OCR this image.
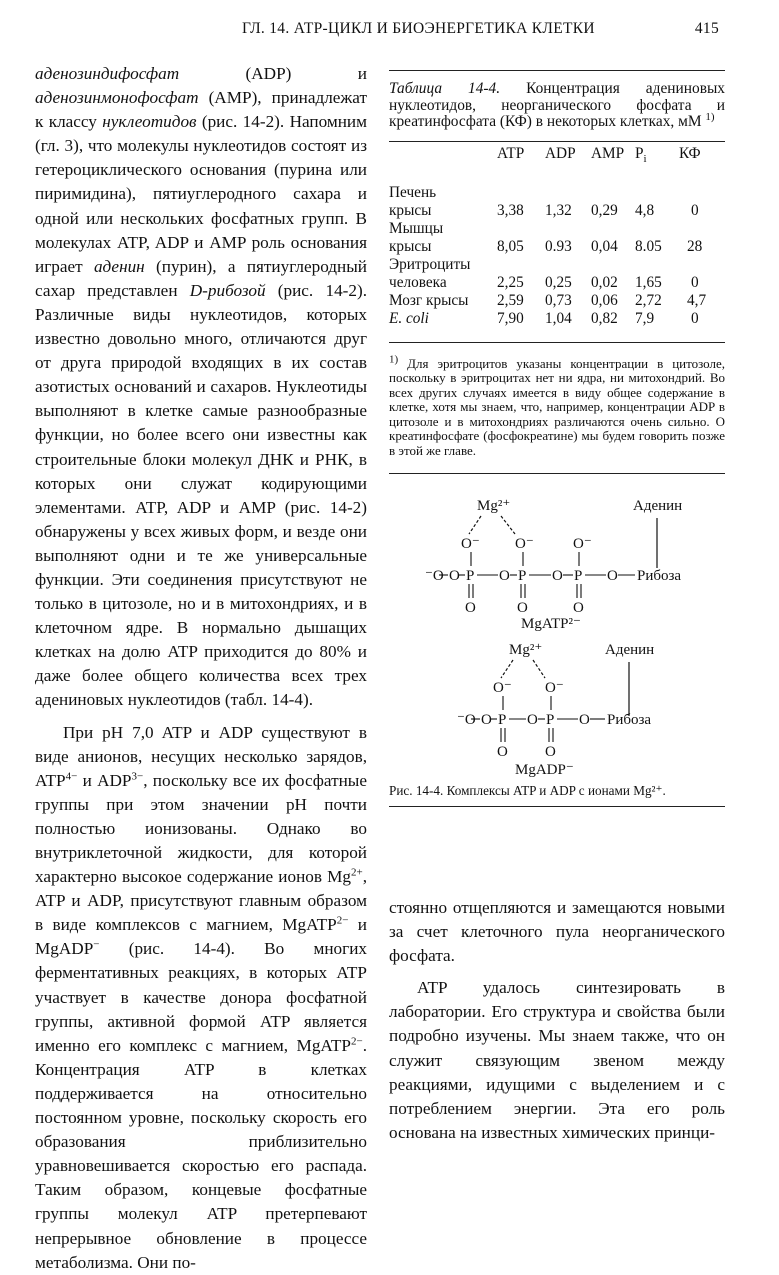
ГЛ. 14. АТР-ЦИКЛ И БИОЭНЕРГЕТИКА КЛЕТКИ	415

аденозиндифосфат (ADP) и аденозинмонофосфат (AMP), принадлежат к классу нуклеотидов (рис. 14-2). Напомним (гл. 3), что молекулы нуклеотидов состоят из гетероциклического основания (пурина или пиримидина), пятиуглеродного сахара и одной или нескольких фосфатных групп. В молекулах ATP, ADP и AMP роль основания играет аденин (пурин), а пятиуглеродный сахар представлен D-рибозой (рис. 14-2). Различные виды нуклеотидов, которых известно довольно много, отличаются друг от друга природой входящих в их состав азотистых оснований и сахаров. Нуклеотиды выполняют в клетке самые разнообразные функции, но более всего они известны как строительные блоки молекул ДНК и РНК, в которых они служат кодирующими элементами. ATP, ADP и AMP (рис. 14-2) обнаружены у всех живых форм, и везде они выполняют одни и те же универсальные функции. Эти соединения присутствуют не только в цитозоле, но и в митохондриях, и в клеточном ядре. В нормально дышащих клетках на долю ATP приходится до 80% и даже более общего количества всех трех адениновых нуклеотидов (табл. 14-4).

При pH 7,0 ATP и ADP существуют в виде анионов, несущих несколько зарядов, $ATP^{4-}$ и $ADP^{3-}$, поскольку все их фосфатные группы при этом значении pH почти полностью ионизованы. Однако во внутриклеточной жидкости, для которой характерно высокое содержание ионов $Mg^{2+}$, ATP и ADP, присутствуют главным образом в виде комплексов с магнием, MgATP$^{2-}$ и MgADP− (рис. 14-4). Во многих ферментативных реакциях, в которых ATP участвует в качестве донора фосфатной группы, активной формой ATP является именно его комплекс с магнием, MgATP$^{2-}$. Концентрация ATP в клетках поддерживается на относительно постоянном уровне, поскольку скорость его образования приблизительно уравновешивается скоростью его распада. Таким образом, концевые фосфатные группы молекул ATP претерпевают непрерывное обновление в процессе метаболизма. Они по-

Таблица 14-4. Концентрация адениновых нуклеотидов, неорганического фосфата и креатинфосфата (КФ) в некоторых клетках, мМ $^{1)}$
	ATP	ADP	AMP	$P_i$	КФ
Печень					
крысы	3,38	1,32	0,29	4,8	0
Мышцы					
крысы	8,05	0.93	0,04	8.05	28
Эритроциты					
человека	2,25	0,25	0,02	1,65	0
Мозг крысы	2,59	0,73	0,06	2,72	4,7
E. coli	7,90	1,04	0,82	7,9	0
$^{1)}$ Для эритроцитов указаны концентрации в цитозоле, поскольку в эритроцитах нет ни ядра, ни митохондрий. Во всех других случаях имеется в виду общее содержание в клетке, хотя мы знаем, что, например, концентрации ADP в цитозоле и в митохондриях различаются очень сильно. О креатинфосфате (фосфокреатине) мы будем говорить позже в этой же главе.
Mg²⁺	Аденин
O⁻ O⁻	O⁻
⁻O O P O P O P O Рибоза
O	O	O
MgATP²⁻
Mg²⁺	Аденин
O⁻ O⁻
⁻O O P O P O Рибоза
O O
MgADP⁻
Рис. 14-4. Комплексы ATP и ADP с ионами Mg²⁺.

стоянно отщепляются и замещаются новыми за счет клеточного пула неорганического фосфата.

ATP удалось синтезировать в лаборатории. Его структура и свойства были подробно изучены. Мы знаем также, что он служит связующим звеном между реакциями, идущими с выделением и с потреблением энергии. Эта его роль основана на известных химических принци-
